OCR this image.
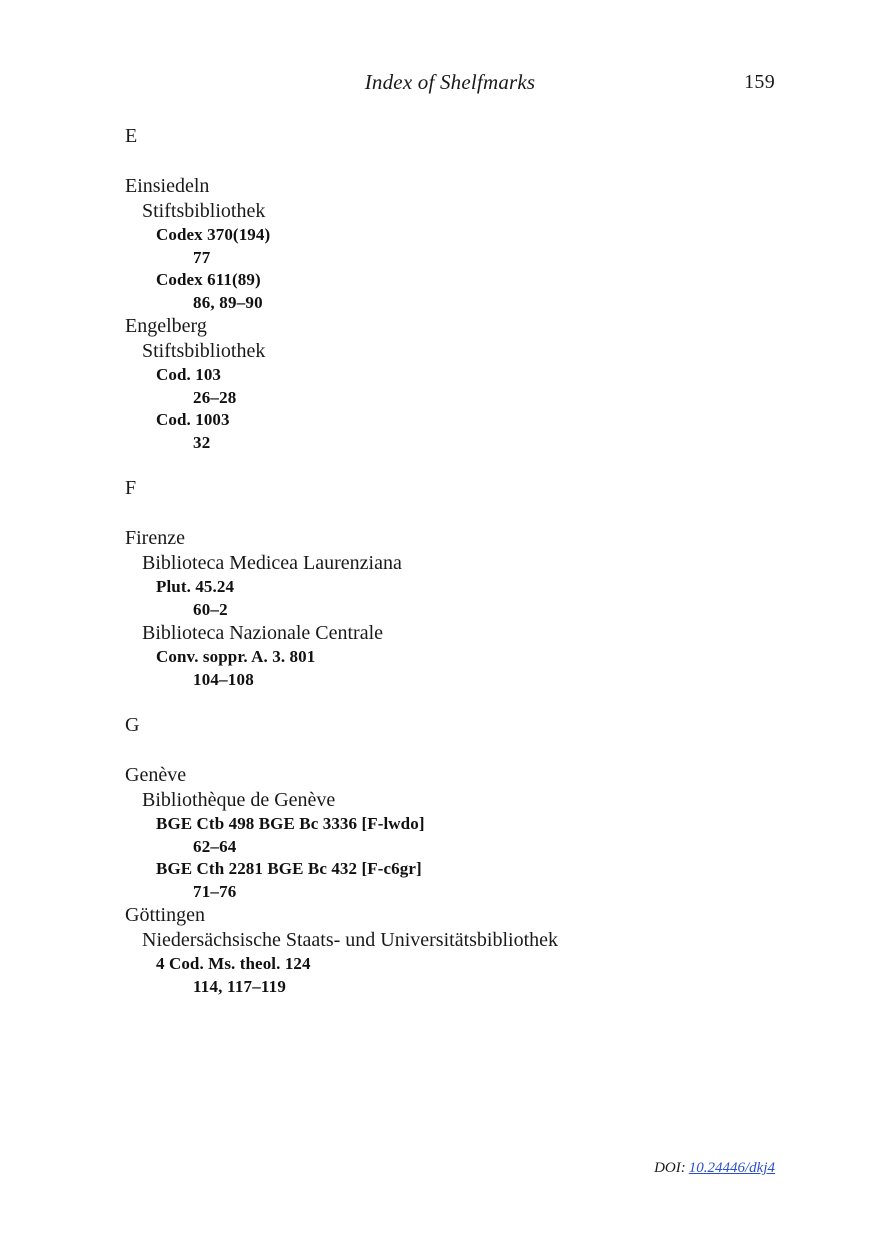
Index of Shelfmarks	159
E
Einsiedeln
Stiftsbibliothek
Codex 370(194)
77
Codex 611(89)
86, 89–90
Engelberg
Stiftsbibliothek
Cod. 103
26–28
Cod. 1003
32
F
Firenze
Biblioteca Medicea Laurenziana
Plut. 45.24
60–2
Biblioteca Nazionale Centrale
Conv. soppr. A. 3. 801
104–108
G
Genève
Bibliothèque de Genève
BGE Ctb 498 BGE Bc 3336 [F-lwdo]
62–64
BGE Cth 2281 BGE Bc 432 [F-c6gr]
71–76
Göttingen
Niedersächsische Staats- und Universitätsbibliothek
4 Cod. Ms. theol. 124
114, 117–119
DOI: 10.24446/dkj4
